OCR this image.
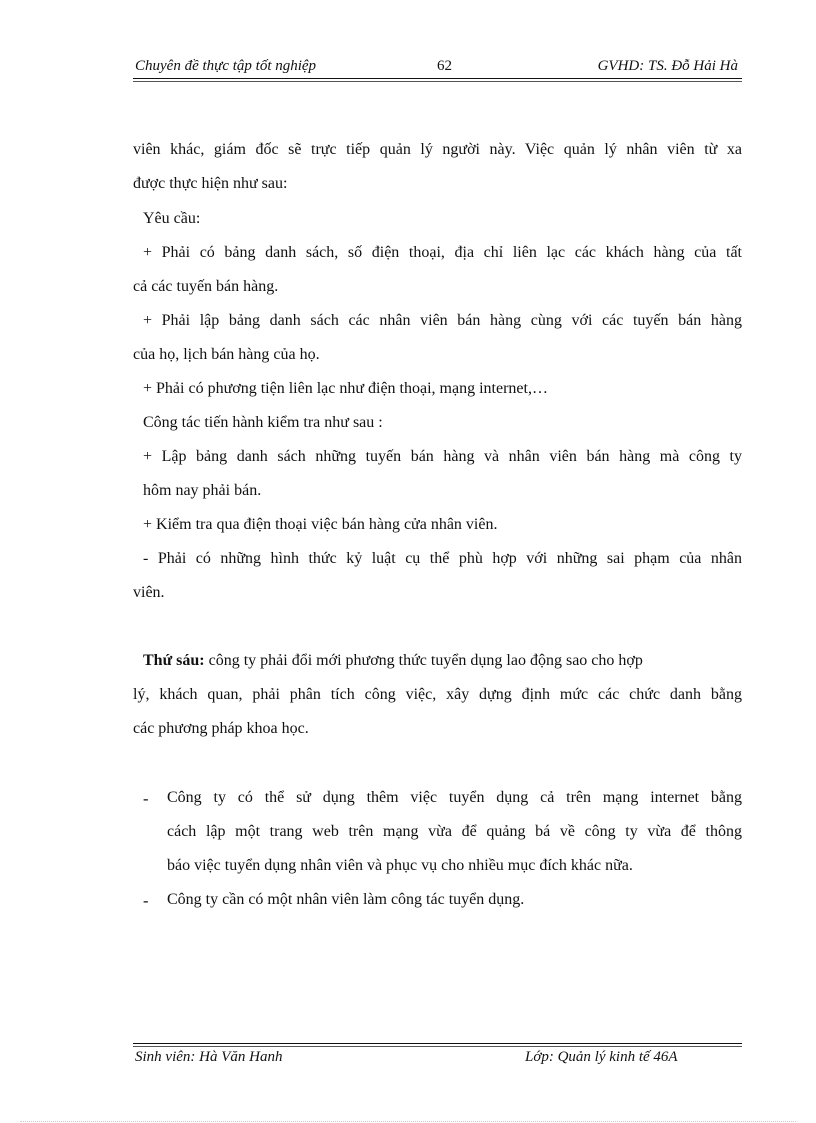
Chuyên đề thực tập tốt nghiệp	62	GVHD: TS. Đỗ Hải Hà
viên khác, giám đốc sẽ trực tiếp quản lý người này. Việc quản lý nhân viên từ xa
được thực hiện như sau:
Yêu cầu:
+ Phải có bảng danh sách, số điện thoại, địa chỉ liên lạc các khách hàng của tất
cả các tuyến bán hàng.
+ Phải lập bảng danh sách các nhân viên bán hàng cùng với các tuyến bán hàng
của họ, lịch bán hàng của họ.
+ Phải có phương tiện liên lạc như điện thoại, mạng internet,…
Công tác tiến hành kiểm tra như sau :
+ Lập bảng danh sách những tuyến bán hàng và nhân viên bán hàng mà công ty
hôm nay phải bán.
+ Kiểm tra qua điện thoại việc bán hàng cửa nhân viên.
- Phải có những hình thức kỷ luật cụ thể phù hợp với những sai phạm của nhân
viên.
Thứ sáu: công ty phải đổi mới phương thức tuyển dụng lao động sao cho hợp
lý, khách quan, phải phân tích công việc, xây dựng định mức các chức danh bằng
các phương pháp khoa học.
- Công ty có thể sử dụng thêm việc tuyển dụng cả trên mạng internet bằng
cách lập một trang web trên mạng vừa để quảng bá về công ty vừa để thông
báo việc tuyển dụng nhân viên và phục vụ cho nhiều mục đích khác nữa.
- Công ty cần có một nhân viên làm công tác tuyển dụng.
Sinh viên: Hà Văn Hanh	Lớp: Quản lý kinh tế 46A
